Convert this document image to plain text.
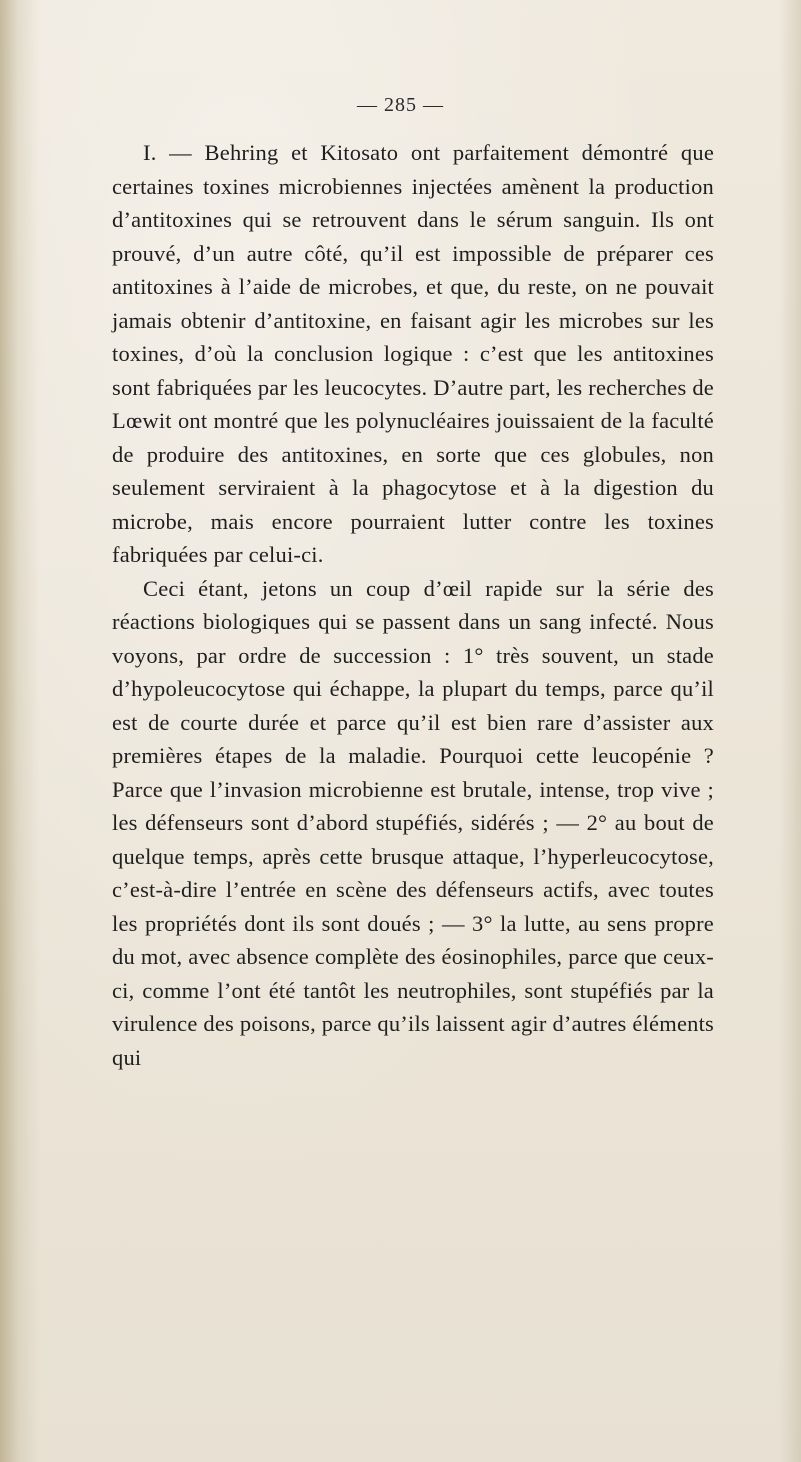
— 285 —

I. — Behring et Kitosato ont parfaitement démontré que certaines toxines microbiennes injectées amènent la production d’antitoxines qui se retrouvent dans le sérum sanguin. Ils ont prouvé, d’un autre côté, qu’il est impossible de préparer ces antitoxines à l’aide de microbes, et que, du reste, on ne pouvait jamais obtenir d’antitoxine, en faisant agir les microbes sur les toxines, d’où la conclusion logique : c’est que les antitoxines sont fabriquées par les leucocytes. D’autre part, les recherches de Lœwit ont montré que les polynucléaires jouissaient de la faculté de produire des antitoxines, en sorte que ces globules, non seulement serviraient à la phagocytose et à la digestion du microbe, mais encore pourraient lutter contre les toxines fabriquées par celui-ci.

Ceci étant, jetons un coup d’œil rapide sur la série des réactions biologiques qui se passent dans un sang infecté. Nous voyons, par ordre de succession : 1° très souvent, un stade d’hypoleucocytose qui échappe, la plupart du temps, parce qu’il est de courte durée et parce qu’il est bien rare d’assister aux premières étapes de la maladie. Pourquoi cette leucopénie ? Parce que l’invasion microbienne est brutale, intense, trop vive ; les défenseurs sont d’abord stupéfiés, sidérés ; — 2° au bout de quelque temps, après cette brusque attaque, l’hyperleucocytose, c’est-à-dire l’entrée en scène des défenseurs actifs, avec toutes les propriétés dont ils sont doués ; — 3° la lutte, au sens propre du mot, avec absence complète des éosinophiles, parce que ceux-ci, comme l’ont été tantôt les neutrophiles, sont stupéfiés par la virulence des poisons, parce qu’ils laissent agir d’autres éléments qui
